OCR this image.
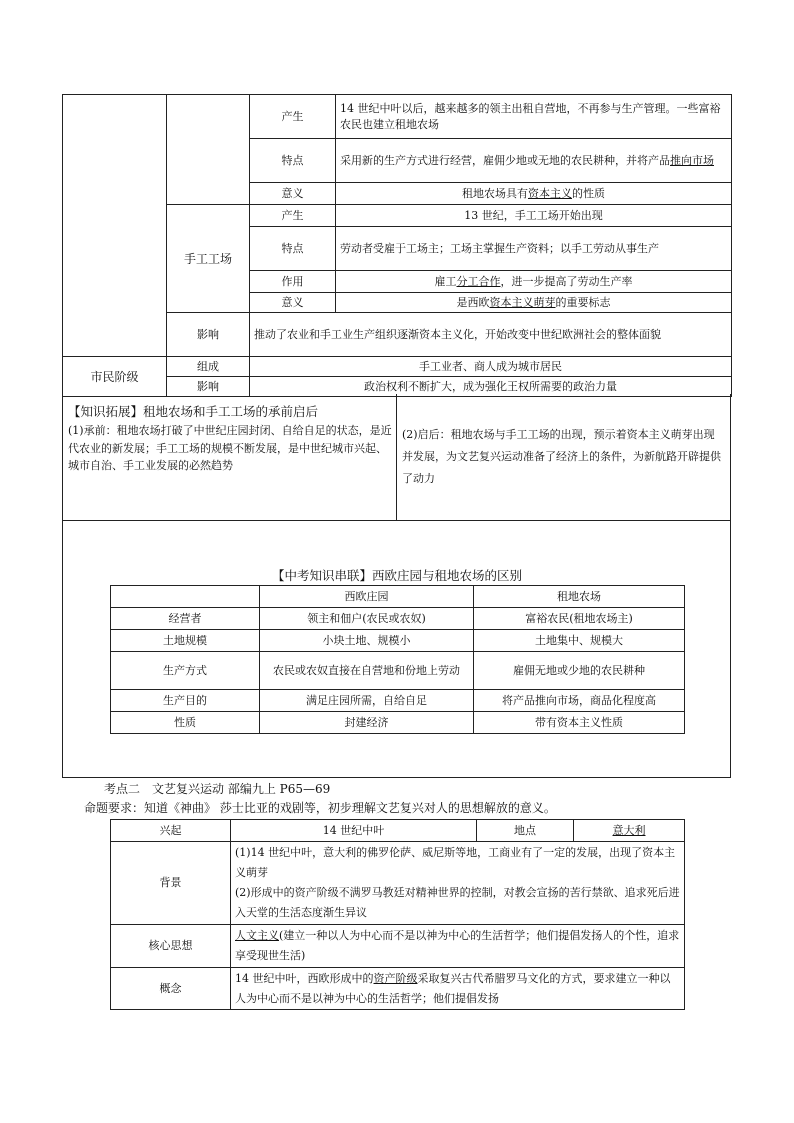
		产生	14 世纪中叶以后，越来越多的领主出租自营地，不再参与生产管理。一些富裕农民也建立租地农场
		特点	采用新的生产方式进行经营，雇佣少地或无地的农民耕种，并将产品推向市场
		意义	租地农场具有资本主义的性质
	手工工场	产生	13 世纪，手工工场开始出现
		特点	劳动者受雇于工场主；工场主掌握生产资料；以手工劳动从事生产
		作用	雇工分工合作，进一步提高了劳动生产率
		意义	是西欧资本主义萌芽的重要标志
	影响	推动了农业和手工业生产组织逐渐资本主义化，开始改变中世纪欧洲社会的整体面貌	
市民阶级	组成	手工业者、商人成为城市居民	
	影响	政治权利不断扩大，成为强化王权所需要的政治力量	
【知识拓展】租地农场和手工工场的承前启后
(1)承前：租地农场打破了中世纪庄园封闭、自给自足的状态，是近代农业的新发展；手工工场的规模不断发展，是中世纪城市兴起、城市自治、手工业发展的必然趋势
(2)启后：租地农场与手工工场的出现，预示着资本主义萌芽出现并发展，为文艺复兴运动准备了经济上的条件，为新航路开辟提供了动力
【中考知识串联】西欧庄园与租地农场的区别
	西欧庄园	租地农场
经营者	领主和佃户(农民或农奴)	富裕农民(租地农场主)
土地规模	小块土地、规模小	土地集中、规模大
生产方式	农民或农奴直接在自营地和份地上劳动	雇佣无地或少地的农民耕种
生产目的	满足庄园所需，自给自足	将产品推向市场，商品化程度高
性质	封建经济	带有资本主义性质
考点二　文艺复兴运动 部编九上 P65—69
命题要求：知道《神曲》 莎士比亚的戏剧等，初步理解文艺复兴对人的思想解放的意义。
兴起	14 世纪中叶	地点	意大利
背景	(1)14 世纪中叶，意大利的佛罗伦萨、威尼斯等地，工商业有了一定的发展，出现了资本主义萌芽
(2)形成中的资产阶级不满罗马教廷对精神世界的控制，对教会宣扬的苦行禁欲、追求死后进入天堂的生活态度渐生异议		

核心思想	人文主义(建立一种以人为中心而不是以神为中心的生活哲学；他们提倡发扬人的个性，追求享受现世生活)		
概念	14 世纪中叶，西欧形成中的资产阶级采取复兴古代希腊罗马文化的方式，要求建立一种以人为中心而不是以神为中心的生活哲学；他们提倡发扬		
